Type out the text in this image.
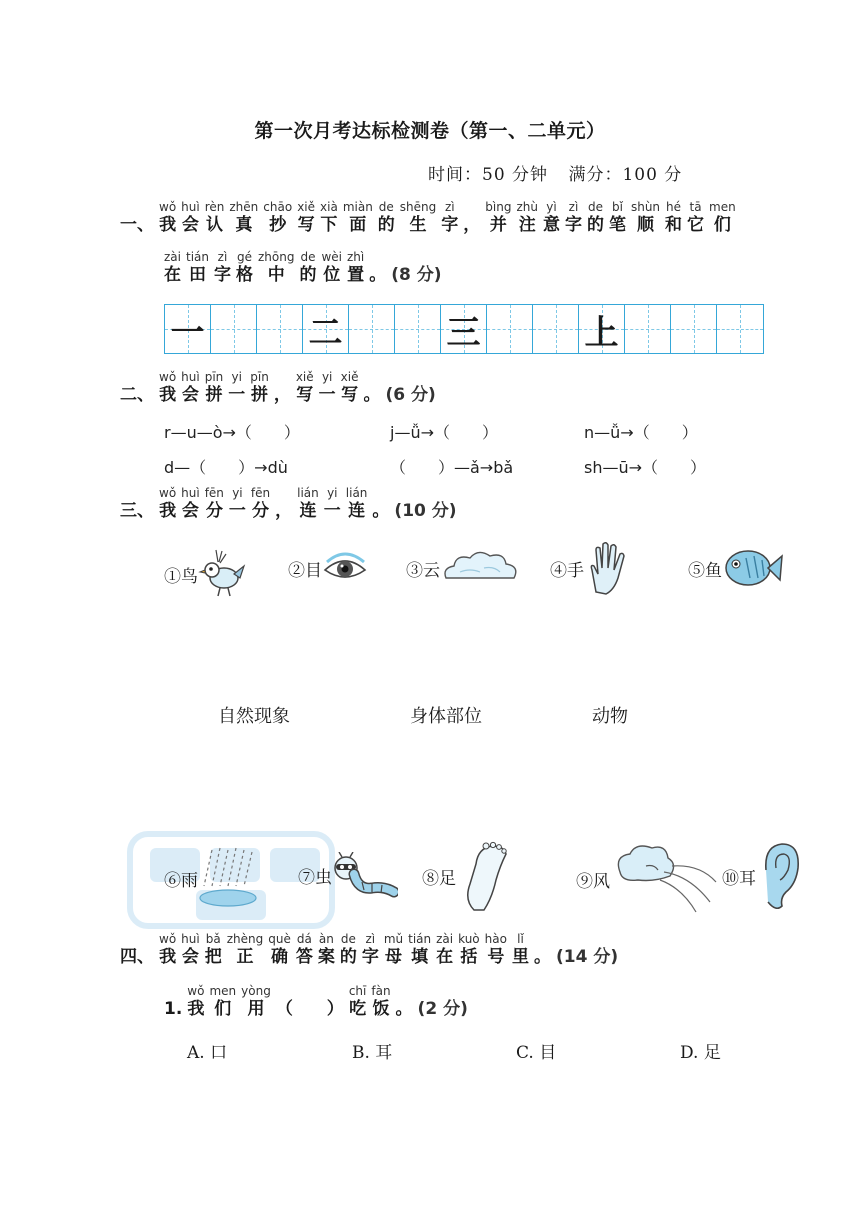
第一次月考达标检测卷（第一、二单元）
时间：50 分钟 满分：100 分
一、
wǒ
我
huì
会
rèn
认
zhēn
真
chāo
抄
xiě
写
xià
下
miàn
面
de
的
shēng
生
zì
字 ，
bìng
并
zhù
注
yì
意
zì
字
de
的
bǐ
笔
shùn
顺
hé
和
tā
它
men
们
zài
在
tián
田
zì
字
gé
格
zhōng
中
de
的
wèi
位
zhì
置 。 (8 分)
一	二	三	上
二、
wǒ
我
huì
会
pīn
拼
yi
一
pīn
拼 ，
xiě
写
yi
一
xiě
写 。 (6 分)
r—u—ò→（　　）	j—ǚ→（　　）	n—ǚ→（　　）
d—（　　）→dù	（　　）—ǎ→bǎ	sh—ū→（　　）
三、
wǒ
我
huì
会
fēn
分
yi
一
fēn
分 ，
lián
连
yi
一
lián
连 。 (10 分)
①鸟	②目	③云	④手	⑤鱼
自然现象	身体部位	动物
⑥雨	⑦虫	⑧足	⑨风	⑩耳
四、
wǒ
我
huì
会
bǎ
把
zhèng
正
què
确
dá
答
àn
案
de
的
zì
字
mǔ
母
tián
填
zài
在
kuò
括
hào
号
lǐ
里 。 (14 分)
1.
wǒ
我
men
们
yòng
用 （　　）
chī
吃
fàn
饭 。 (2 分)
A. 口	B. 耳	C. 目	D. 足
